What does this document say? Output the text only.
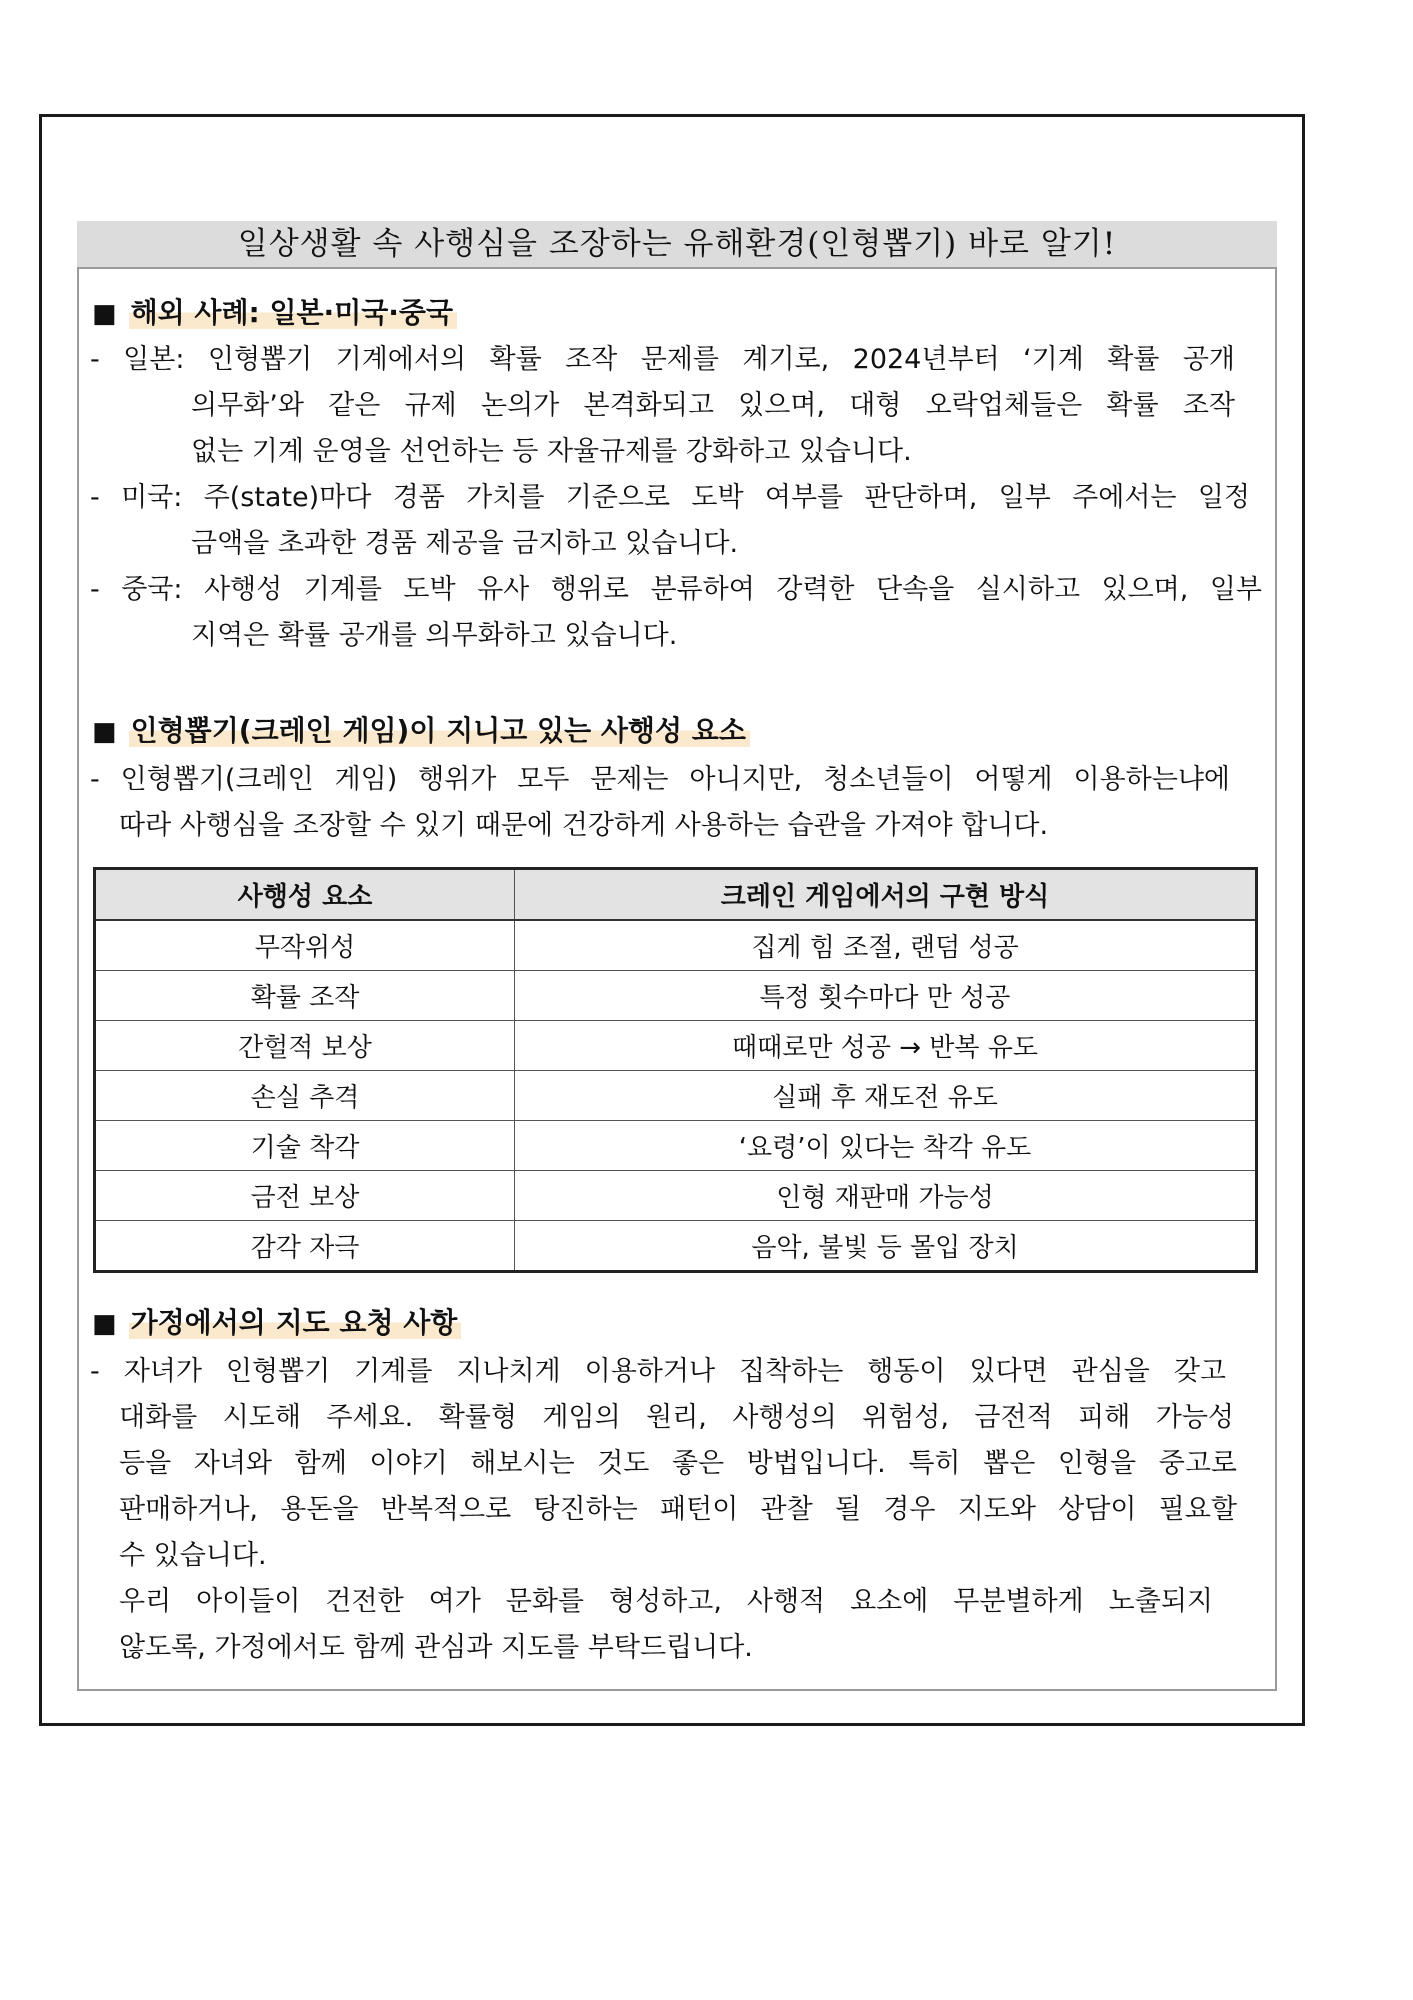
일상생활 속 사행심을 조장하는 유해환경(인형뽑기) 바로 알기!
■ 해외 사례: 일본·미국·중국
- 일본: 인형뽑기 기계에서의 확률 조작 문제를 계기로, 2024년부터 ‘기계 확률 공개
의무화’와 같은 규제 논의가 본격화되고 있으며, 대형 오락업체들은 확률 조작
없는 기계 운영을 선언하는 등 자율규제를 강화하고 있습니다.
- 미국: 주(state)마다 경품 가치를 기준으로 도박 여부를 판단하며, 일부 주에서는 일정
금액을 초과한 경품 제공을 금지하고 있습니다.
- 중국: 사행성 기계를 도박 유사 행위로 분류하여 강력한 단속을 실시하고 있으며, 일부
지역은 확률 공개를 의무화하고 있습니다.
■ 인형뽑기(크레인 게임)이 지니고 있는 사행성 요소
- 인형뽑기(크레인 게임) 행위가 모두 문제는 아니지만, 청소년들이 어떻게 이용하는냐에
따라 사행심을 조장할 수 있기 때문에 건강하게 사용하는 습관을 가져야 합니다.
사행성 요소	크레인 게임에서의 구현 방식
무작위성	집게 힘 조절, 랜덤 성공
확률 조작	특정 횟수마다 만 성공
간헐적 보상	때때로만 성공 → 반복 유도
손실 추격	실패 후 재도전 유도
기술 착각	‘요령’이 있다는 착각 유도
금전 보상	인형 재판매 가능성
감각 자극	음악, 불빛 등 몰입 장치
■ 가정에서의 지도 요청 사항
- 자녀가 인형뽑기 기계를 지나치게 이용하거나 집착하는 행동이 있다면 관심을 갖고
대화를 시도해 주세요. 확률형 게임의 원리, 사행성의 위험성, 금전적 피해 가능성
등을 자녀와 함께 이야기 해보시는 것도 좋은 방법입니다. 특히 뽑은 인형을 중고로
판매하거나, 용돈을 반복적으로 탕진하는 패턴이 관찰 될 경우 지도와 상담이 필요할
수 있습니다.
우리 아이들이 건전한 여가 문화를 형성하고, 사행적 요소에 무분별하게 노출되지
않도록, 가정에서도 함께 관심과 지도를 부탁드립니다.
